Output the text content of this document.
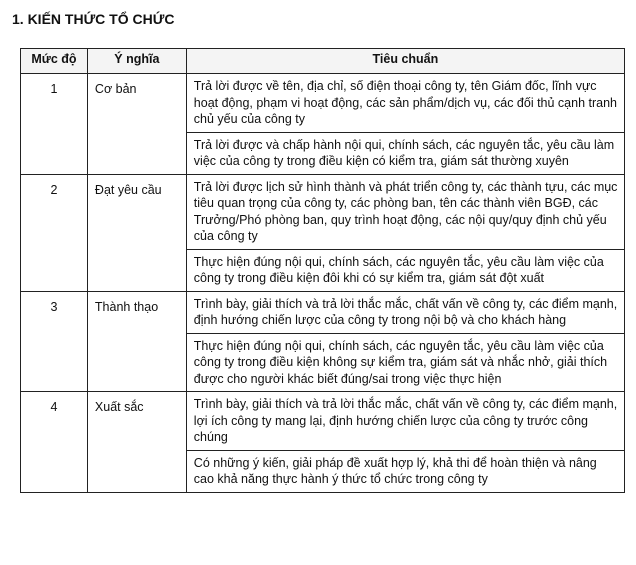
1. KIẾN THỨC TỔ CHỨC
Mức độ	Ý nghĩa	Tiêu chuẩn
1	Cơ bản	Trả lời được về tên, địa chỉ, số điện thoại công ty, tên Giám đốc, lĩnh vực hoạt động, phạm vi hoạt động, các sản phẩm/dịch vụ, các đối thủ cạnh tranh chủ yếu của công ty
Trả lời được và chấp hành nội qui, chính sách, các nguyên tắc, yêu cầu làm việc của công ty trong điều kiện có kiểm tra, giám sát thường xuyên

2	Đạt yêu cầu	Trả lời được lịch sử hình thành và phát triển công ty, các thành tựu, các mục tiêu quan trọng của công ty, các phòng ban, tên các thành viên BGĐ, các Trưởng/Phó phòng ban, quy trình hoạt động, các nội quy/quy định chủ yếu của công ty
Thực hiện đúng nội qui, chính sách, các nguyên tắc, yêu cầu làm việc của công ty trong điều kiện đôi khi có sự kiểm tra, giám sát đột xuất

3	Thành thạo	Trình bày, giải thích và trả lời thắc mắc, chất vấn về công ty, các điểm mạnh, định hướng chiến lược của công ty trong nội bộ và cho khách hàng
Thực hiện đúng nội qui, chính sách, các nguyên tắc, yêu cầu làm việc của công ty trong điều kiện không sự kiểm tra, giám sát và nhắc nhở, giải thích được cho người khác biết đúng/sai trong việc thực hiện

4	Xuất sắc	Trình bày, giải thích và trả lời thắc mắc, chất vấn về công ty, các điểm mạnh, lợi ích công ty mang lại, định hướng chiến lược của công ty trước công chúng
Có những ý kiến, giải pháp đề xuất hợp lý, khả thi để hoàn thiện và nâng cao khả năng thực hành ý thức tổ chức trong công ty
